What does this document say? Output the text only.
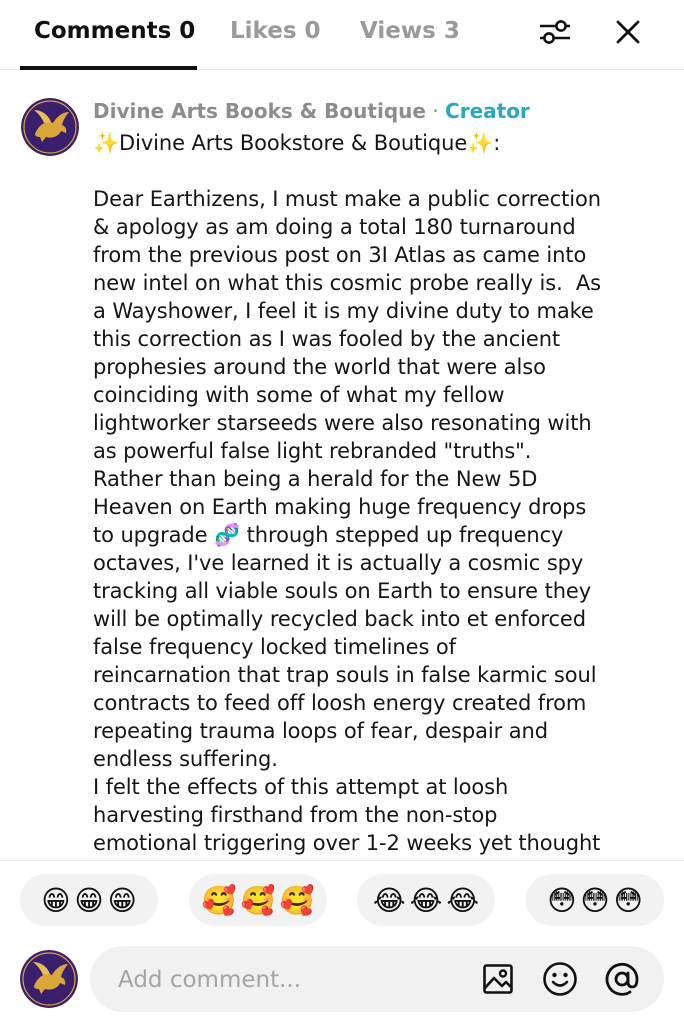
Comments 0 Likes 0 Views 3
Divine Arts Books & Boutique · Creator
✨Divine Arts Bookstore & Boutique✨:
Dear Earthizens, I must make a public correction
& apology as am doing a total 180 turnaround
from the previous post on 3I Atlas as came into
new intel on what this cosmic probe really is.  As
a Wayshower, I feel it is my divine duty to make
this correction as I was fooled by the ancient
prophesies around the world that were also
coinciding with some of what my fellow
lightworker starseeds were also resonating with
as powerful false light rebranded "truths".
Rather than being a herald for the New 5D
Heaven on Earth making huge frequency drops
to upgrade 🧬 through stepped up frequency
octaves, I've learned it is actually a cosmic spy
tracking all viable souls on Earth to ensure they
will be optimally recycled back into et enforced
false frequency locked timelines of
reincarnation that trap souls in false karmic soul
contracts to feed off loosh energy created from
repeating trauma loops of fear, despair and
endless suffering.
I felt the effects of this attempt at loosh
harvesting firsthand from the non-stop
emotional triggering over 1-2 weeks yet thought
😁 😁 😁 🥰 🥰 🥰 😂 😂 😂 😳 😳 😳
Add comment...
